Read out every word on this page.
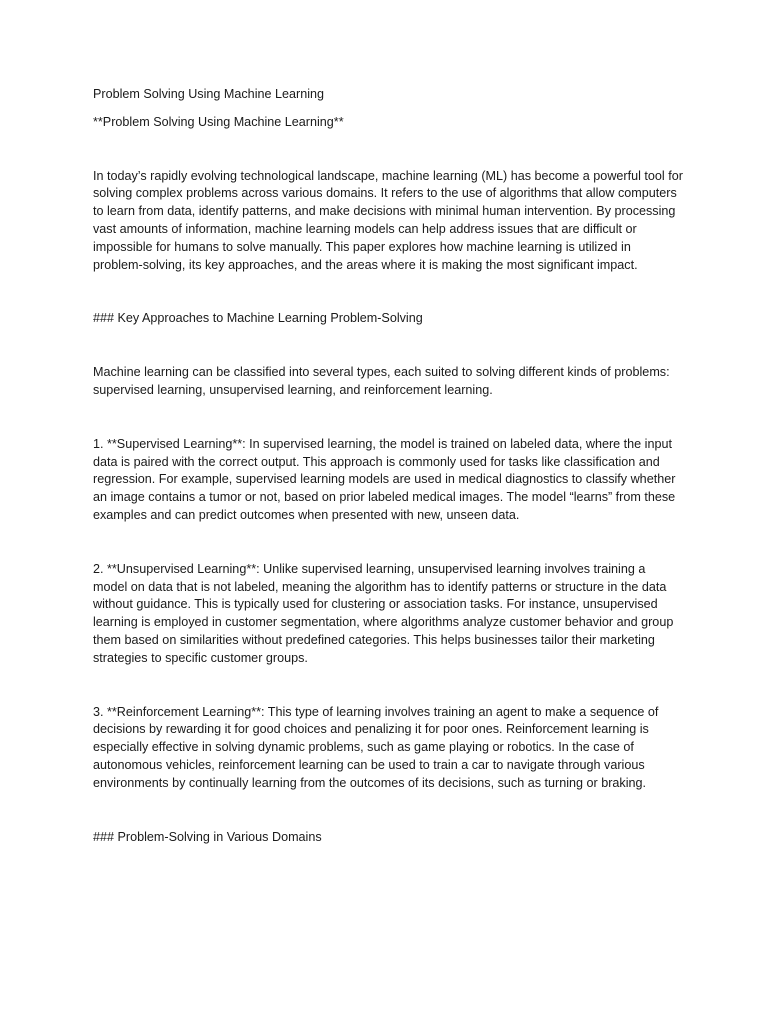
Problem Solving Using Machine Learning

**Problem Solving Using Machine Learning**

In today’s rapidly evolving technological landscape, machine learning (ML) has become a powerful tool for solving complex problems across various domains. It refers to the use of algorithms that allow computers to learn from data, identify patterns, and make decisions with minimal human intervention. By processing vast amounts of information, machine learning models can help address issues that are difficult or impossible for humans to solve manually. This paper explores how machine learning is utilized in problem-solving, its key approaches, and the areas where it is making the most significant impact.

### Key Approaches to Machine Learning Problem-Solving

Machine learning can be classified into several types, each suited to solving different kinds of problems: supervised learning, unsupervised learning, and reinforcement learning.

1. **Supervised Learning**: In supervised learning, the model is trained on labeled data, where the input data is paired with the correct output. This approach is commonly used for tasks like classification and regression. For example, supervised learning models are used in medical diagnostics to classify whether an image contains a tumor or not, based on prior labeled medical images. The model “learns” from these examples and can predict outcomes when presented with new, unseen data.

2. **Unsupervised Learning**: Unlike supervised learning, unsupervised learning involves training a model on data that is not labeled, meaning the algorithm has to identify patterns or structure in the data without guidance. This is typically used for clustering or association tasks. For instance, unsupervised learning is employed in customer segmentation, where algorithms analyze customer behavior and group them based on similarities without predefined categories. This helps businesses tailor their marketing strategies to specific customer groups.

3. **Reinforcement Learning**: This type of learning involves training an agent to make a sequence of decisions by rewarding it for good choices and penalizing it for poor ones. Reinforcement learning is especially effective in solving dynamic problems, such as game playing or robotics. In the case of autonomous vehicles, reinforcement learning can be used to train a car to navigate through various environments by continually learning from the outcomes of its decisions, such as turning or braking.

### Problem-Solving in Various Domains
